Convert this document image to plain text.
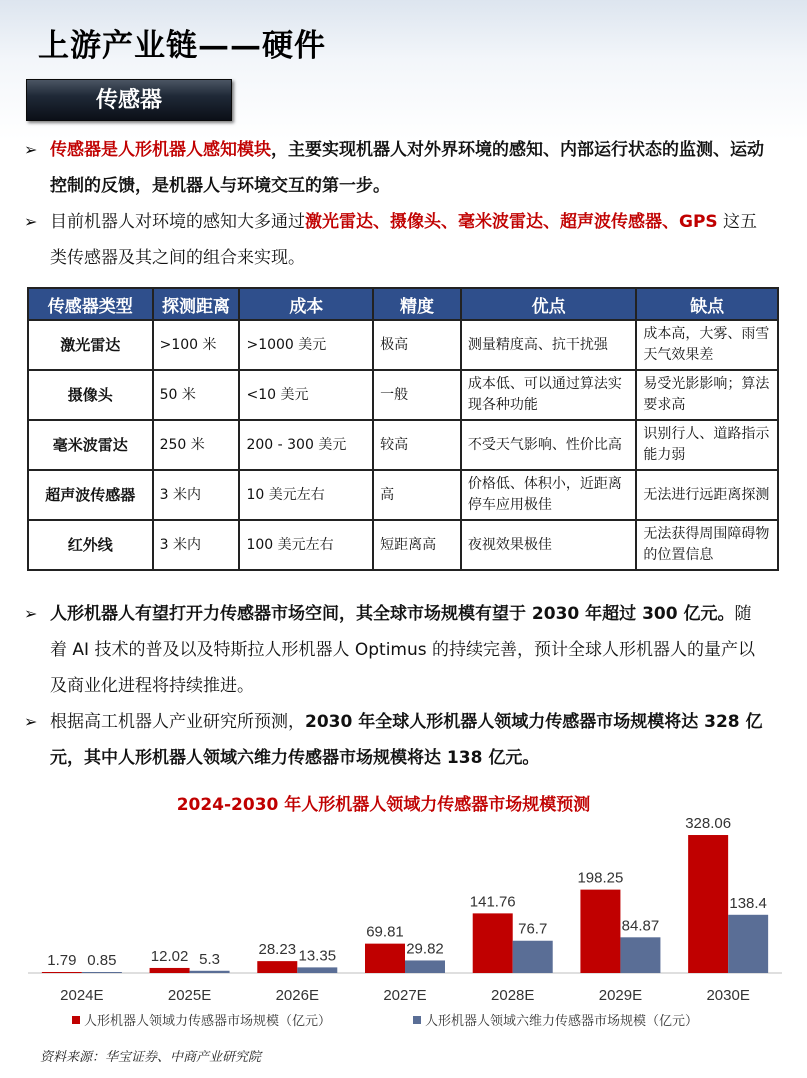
上游产业链——硬件
传感器
➢ 传感器是人形机器人感知模块，主要实现机器人对外界环境的感知、内部运行状态的监测、运动控制的反馈，是机器人与环境交互的第一步。
➢ 目前机器人对环境的感知大多通过激光雷达、摄像头、毫米波雷达、超声波传感器、GPS 这五类传感器及其之间的组合来实现。
传感器类型	探测距离	成本	精度	优点	缺点
激光雷达	>100 米	>1000 美元	极高	测量精度高、抗干扰强	成本高，大雾、雨雪天气效果差
摄像头	50 米	<10 美元	一般	成本低、可以通过算法实现各种功能	易受光影影响；算法要求高
毫米波雷达	250 米	200 - 300 美元	较高	不受天气影响、性价比高	识别行人、道路指示能力弱
超声波传感器	3 米内	10 美元左右	高	价格低、体积小，近距离停车应用极佳	无法进行远距离探测
红外线	3 米内	100 美元左右	短距离高	夜视效果极佳	无法获得周围障碍物的位置信息
➢ 人形机器人有望打开力传感器市场空间，其全球市场规模有望于 2030 年超过 300 亿元。随着 AI 技术的普及以及特斯拉人形机器人 Optimus 的持续完善，预计全球人形机器人的量产以及商业化进程将持续推进。
➢ 根据高工机器人产业研究所预测，2030 年全球人形机器人领域力传感器市场规模将达 328 亿元，其中人形机器人领域六维力传感器市场规模将达 138 亿元。
2024-2030 年人形机器人领域力传感器市场规模预测
1.79 0.85
2024E
12.02 5.3
2025E
28.23 13.35
2026E
69.81
29.82
2027E
141.76
76.7
2028E
198.25
84.87
2029E
328.06
138.4
2030E
人形机器人领域力传感器市场规模（亿元）	人形机器人领域六维力传感器市场规模（亿元）
资料来源：华宝证券、中商产业研究院
